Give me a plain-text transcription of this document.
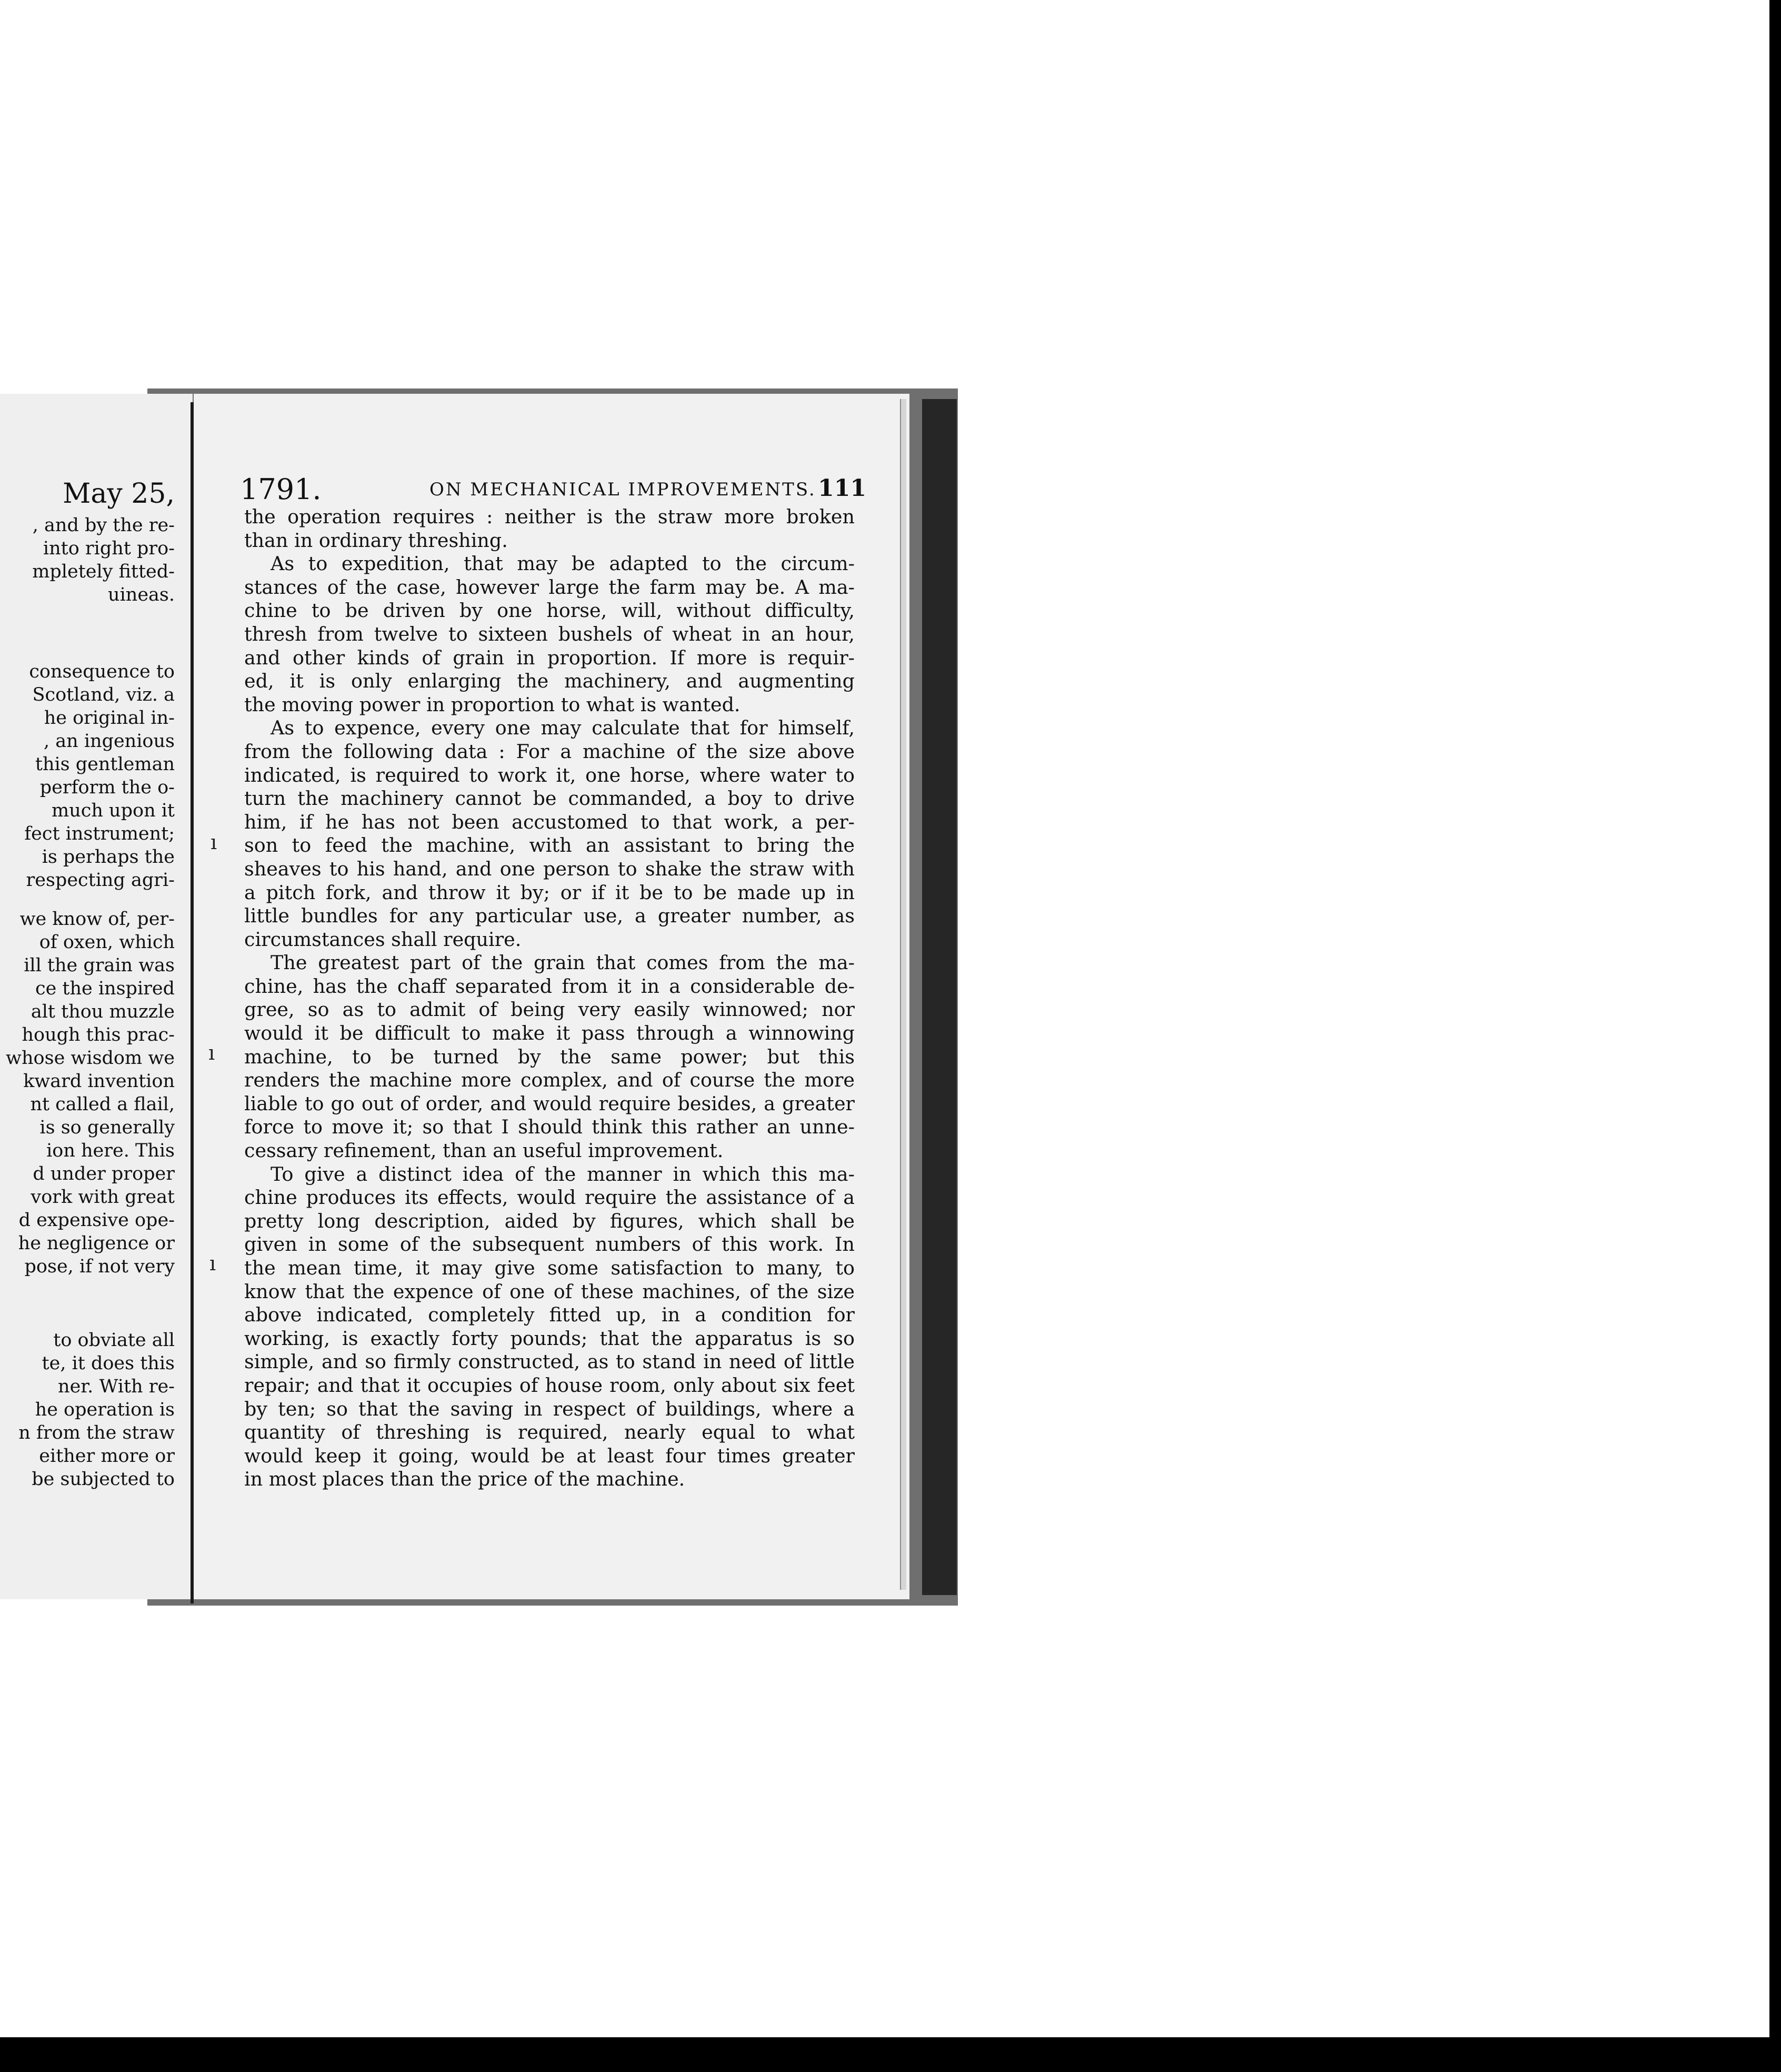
May 25,
, and by the re-
into right pro-
mpletely fitted-
uineas.
consequence to
Scotland, viz. a
he original in-
, an ingenious
this gentleman
perform the o-
much upon it
fect instrument;
is perhaps the
respecting agri-
we know of, per-
of oxen, which
ill the grain was
ce the inspired
alt thou muzzle
hough this prac-
whose wisdom we
kward invention
nt called a flail,
is so generally
ion here. This
d under proper
vork with great
d expensive ope-
he negligence or
pose, if not very
to obviate all
te, it does this
ner. With re-
he operation is
n from the straw
either more or
be subjected to
1791.	ON MECHANICAL IMPROVEMENTS. 111
the operation requires : neither is the straw more broken
than in ordinary threshing.
As to expedition, that may be adapted to the circum-
stances of the case, however large the farm may be. A ma-
chine to be driven by one horse, will, without difficulty,
thresh from twelve to sixteen bushels of wheat in an hour,
and other kinds of grain in proportion. If more is requir-
ed, it is only enlarging the machinery, and augmenting
the moving power in proportion to what is wanted.
As to expence, every one may calculate that for himself,
from the following data : For a machine of the size above
indicated, is required to work it, one horse, where water to
turn the machinery cannot be commanded, a boy to drive
him, if he has not been accustomed to that work, a per-
son to feed the machine, with an assistant to bring the
sheaves to his hand, and one person to shake the straw with
a pitch fork, and throw it by; or if it be to be made up in
little bundles for any particular use, a greater number, as
circumstances shall require.
The greatest part of the grain that comes from the ma-
chine, has the chaff separated from it in a considerable de-
gree, so as to admit of being very easily winnowed; nor
would it be difficult to make it pass through a winnowing
machine, to be turned by the same power; but this
renders the machine more complex, and of course the more
liable to go out of order, and would require besides, a greater
force to move it; so that I should think this rather an unne-
cessary refinement, than an useful improvement.
To give a distinct idea of the manner in which this ma-
chine produces its effects, would require the assistance of a
pretty long description, aided by figures, which shall be
given in some of the subsequent numbers of this work. In
the mean time, it may give some satisfaction to many, to
know that the expence of one of these machines, of the size
above indicated, completely fitted up, in a condition for
working, is exactly forty pounds; that the apparatus is so
simple, and so firmly constructed, as to stand in need of little
repair; and that it occupies of house room, only about six feet
by ten; so that the saving in respect of buildings, where a
quantity of threshing is required, nearly equal to what
would keep it going, would be at least four times greater
in most places than the price of the machine.
ı
ı
ı
